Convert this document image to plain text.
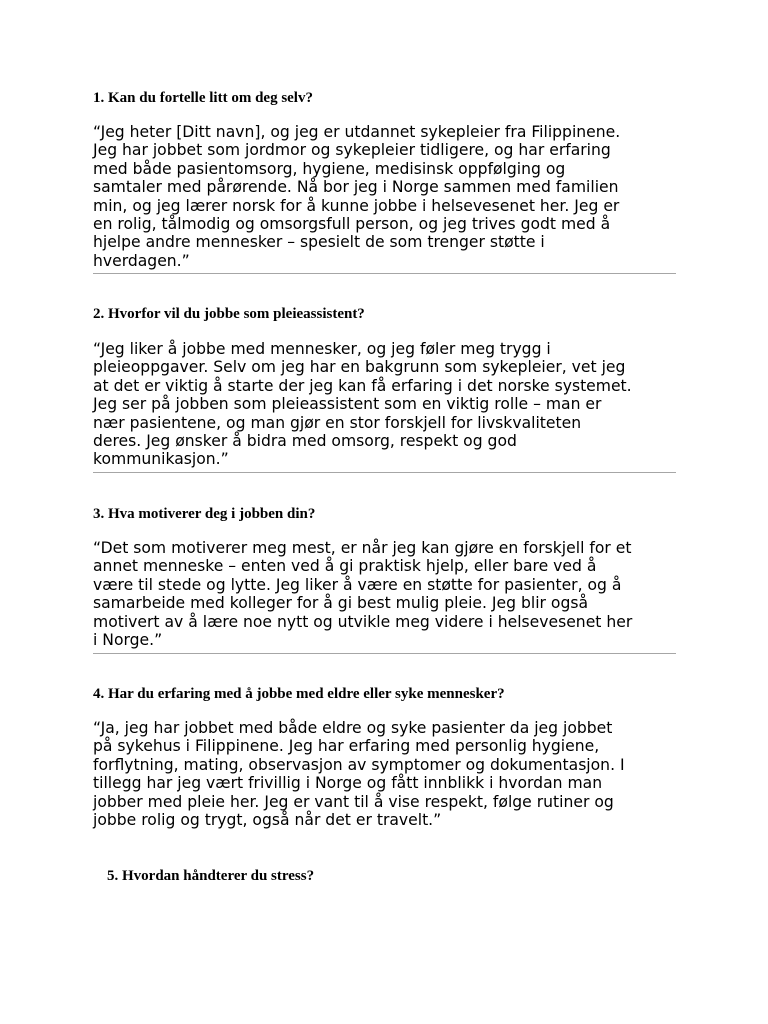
1. Kan du fortelle litt om deg selv?

“Jeg heter [Ditt navn], og jeg er utdannet sykepleier fra Filippinene.
Jeg har jobbet som jordmor og sykepleier tidligere, og har erfaring
med både pasientomsorg, hygiene, medisinsk oppfølging og
samtaler med pårørende. Nå bor jeg i Norge sammen med familien
min, og jeg lærer norsk for å kunne jobbe i helsevesenet her. Jeg er
en rolig, tålmodig og omsorgsfull person, og jeg trives godt med å
hjelpe andre mennesker – spesielt de som trenger støtte i
hverdagen.”

2. Hvorfor vil du jobbe som pleieassistent?

“Jeg liker å jobbe med mennesker, og jeg føler meg trygg i
pleieoppgaver. Selv om jeg har en bakgrunn som sykepleier, vet jeg
at det er viktig å starte der jeg kan få erfaring i det norske systemet.
Jeg ser på jobben som pleieassistent som en viktig rolle – man er
nær pasientene, og man gjør en stor forskjell for livskvaliteten
deres. Jeg ønsker å bidra med omsorg, respekt og god
kommunikasjon.”

3. Hva motiverer deg i jobben din?

“Det som motiverer meg mest, er når jeg kan gjøre en forskjell for et
annet menneske – enten ved å gi praktisk hjelp, eller bare ved å
være til stede og lytte. Jeg liker å være en støtte for pasienter, og å
samarbeide med kolleger for å gi best mulig pleie. Jeg blir også
motivert av å lære noe nytt og utvikle meg videre i helsevesenet her
i Norge.”

4. Har du erfaring med å jobbe med eldre eller syke mennesker?

“Ja, jeg har jobbet med både eldre og syke pasienter da jeg jobbet
på sykehus i Filippinene. Jeg har erfaring med personlig hygiene,
forflytning, mating, observasjon av symptomer og dokumentasjon. I
tillegg har jeg vært frivillig i Norge og fått innblikk i hvordan man
jobber med pleie her. Jeg er vant til å vise respekt, følge rutiner og
jobbe rolig og trygt, også når det er travelt.”

5. Hvordan håndterer du stress?
